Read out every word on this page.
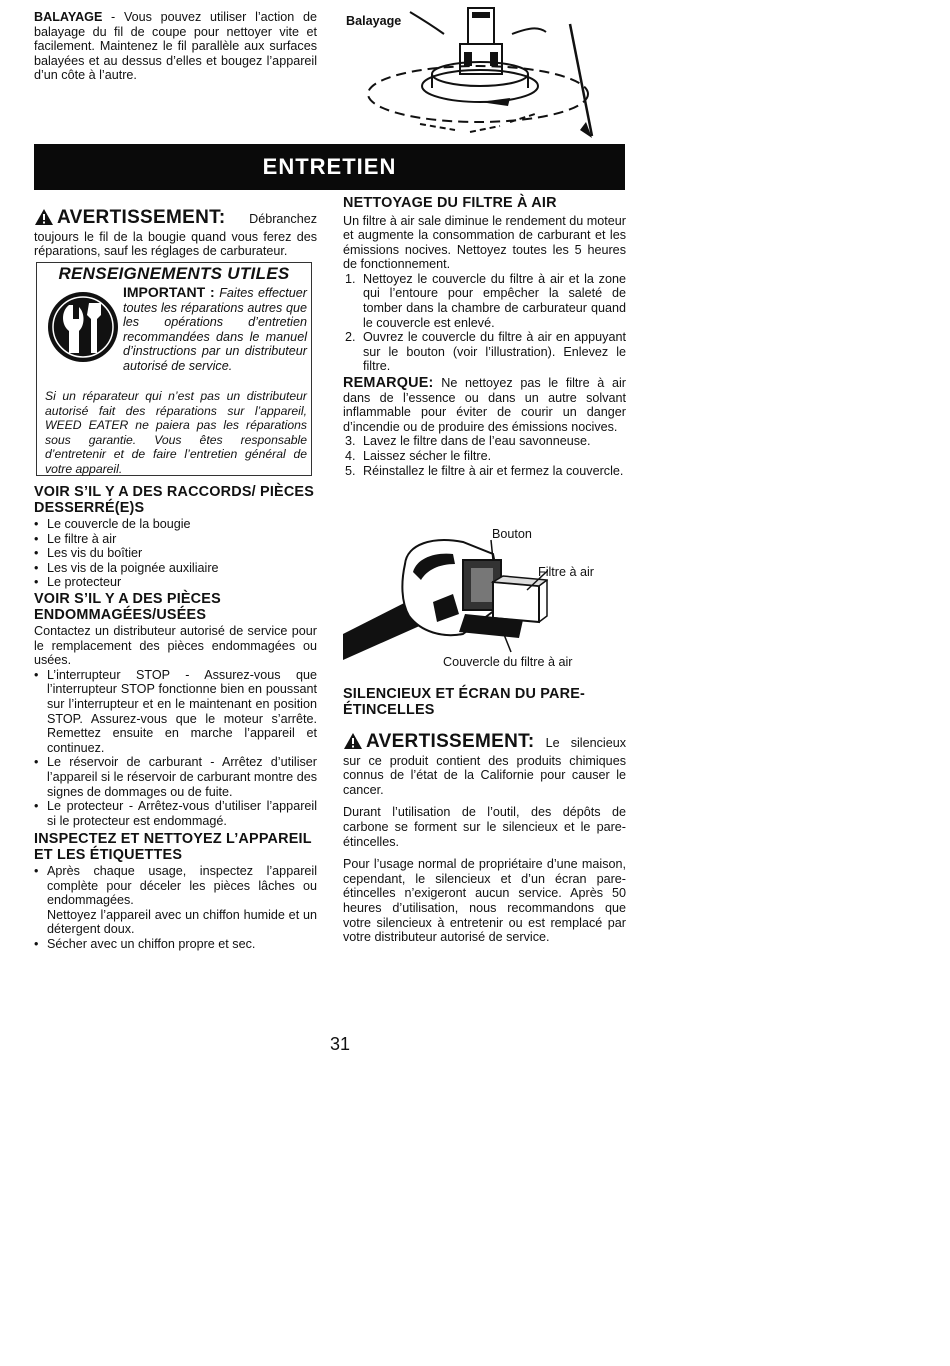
BALAYAGE - Vous pouvez utiliser l’action de balayage du fil de coupe pour nettoyer vite et facilement. Maintenez le fil parallèle aux surfaces balayées et au dessus d’elles et bougez l’appareil d’un côte à l’autre.
Balayage
ENTRETIEN

AVERTISSEMENT: Débranchez toujours le fil de la bougie quand vous ferez des réparations, sauf les réglages de carburateur.

RENSEIGNEMENTS UTILES
IMPORTANT : Faites effectuer toutes les réparations autres que les opérations d’entretien recommandées dans le manuel d’instructions par un distributeur autorisé de service.
Si un réparateur qui n’est pas un distributeur autorisé fait des réparations sur l’appareil, WEED EATER ne paiera pas les réparations sous garantie. Vous êtes responsable d’entretenir et de faire l’entretien général de votre appareil.
VOIR S’IL Y A DES RACCORDS/ PIÈCES DESSERRÉ(E)S
• Le couvercle de la bougie
• Le filtre à air
• Les vis du boîtier
• Les vis de la poignée auxiliaire
• Le protecteur
VOIR S’IL Y A DES PIÈCES ENDOMMAGÉES/USÉES

Contactez un distributeur autorisé de service pour le remplacement des pièces endommagées ou usées.

• L’interrupteur STOP - Assurez-vous que l’interrupteur STOP fonctionne bien en poussant sur l’interrupteur et en le maintenant en position STOP. Assurez-vous que le moteur s’arrête. Remettez ensuite en marche l’appareil et continuez.
• Le réservoir de carburant - Arrêtez d’utiliser l’appareil si le réservoir de carburant montre des signes de dommages ou de fuite.
• Le protecteur - Arrêtez-vous d’utiliser l’appareil si le protecteur est endommagé.
INSPECTEZ ET NETTOYEZ L’APPAREIL ET LES ÉTIQUETTES
• Après chaque usage, inspectez l’appareil complète pour déceler les pièces lâches ou endommagées.
Nettoyez l’appareil avec un chiffon humide et un détergent doux.
• Sécher avec un chiffon propre et sec.
NETTOYAGE DU FILTRE À AIR

Un filtre à air sale diminue le rendement du moteur et augmente la consommation de carburant et les émissions nocives. Nettoyez toutes les 5 heures de fonctionnement.

1. Nettoyez le couvercle du filtre à air et la zone qui l’entoure pour empêcher la saleté de tomber dans la chambre de carburateur quand le couvercle est enlevé.
2. Ouvrez le couvercle du filtre à air en appuyant sur le bouton (voir l’illustration). Enlevez le filtre.

REMARQUE: Ne nettoyez pas le filtre à air dans de l’essence ou dans un autre solvant inflammable pour éviter de courir un danger d’incendie ou de produire des émissions nocives.

3. Lavez le filtre dans de l’eau savonneuse.
4. Laissez sécher le filtre.
5. Réinstallez le filtre à air et fermez la couvercle.
Bouton
Filtre à air
Couvercle du filtre à air
SILENCIEUX ET ÉCRAN DU PARE-ÉTINCELLES

AVERTISSEMENT: Le silencieux sur ce produit contient des produits chimiques connus de l’état de la Californie pour causer le cancer.

Durant l’utilisation de l’outil, des dépôts de carbone se forment sur le silencieux et le pare-étincelles.

Pour l’usage normal de propriétaire d’une maison, cependant, le silencieux et d’un écran pare-étincelles n’exigeront aucun service. Après 50 heures d’utilisation, nous recommandons que votre silencieux à entretenir ou est remplacé par votre distributeur autorisé de service.

31
